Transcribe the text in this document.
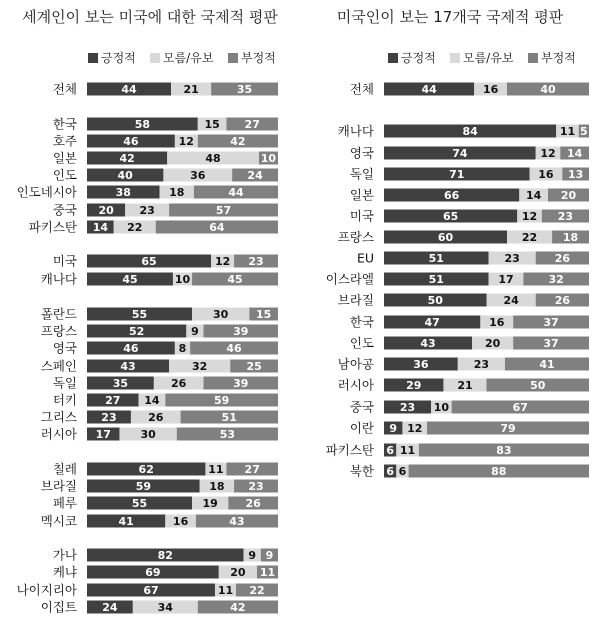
세계인이 보는 미국에 대한 국제적 평판
긍정적 모름/유보 부정적
전체	44	21	35
한국	58	15 27
호주	46	12	42
일본	42	48	10
인도	40	36	24
인도네시아	38	18	44
중국 20 23	57
파키스탄 14 22	64
미국	65	12 23
캐나다	45	10	45
폴란드	55	30	15
프랑스	52	9	39
영국	46	8	46
스페인	43	32	25
독일	35	26	39
터키	27 14	59
그리스 23	26	51
러시아 17	30	53
칠레	62	11 27
브라질	59	18 23
페루	55	19	26
멕시코	41	16	43
가나	82	9 9
케냐	69	20 11
나이지리아	67	11 22
이집트 24	34	42
미국인이 보는 17개국 국제적 평판
긍정적 모름/유보 부정적
전체	44	16	40
캐나다	84	11 5
영국	74	12 14
독일	71	16 13
일본	66	14 20
미국	65	12 23
프랑스	60	22 18
EU	51	23	26
이스라엘	51	17	32
브라질	50	24	26
한국	47	16	37
인도	43	20	37
남아공	36	23	41
러시아	29	21	50
중국 23 10	67
이란 9 12	79
파키스탄 6 11	83
북한 6 6	88
